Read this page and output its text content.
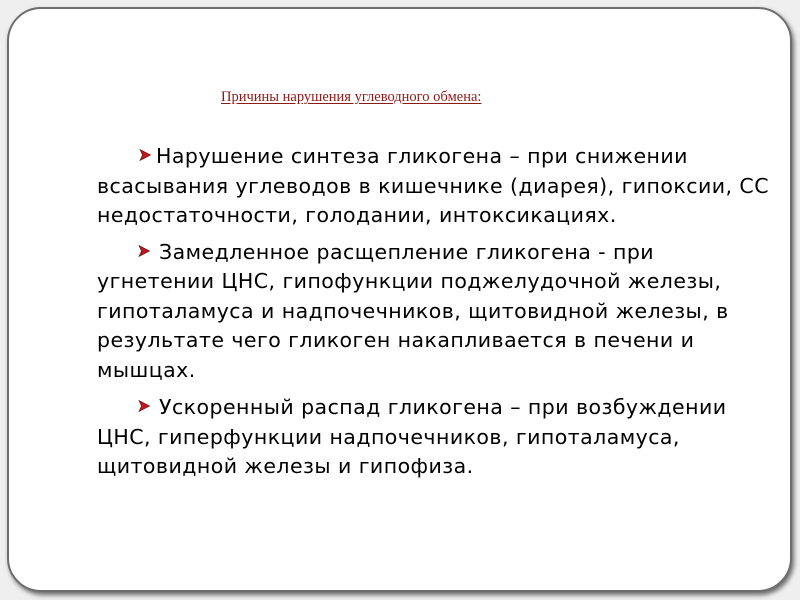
Причины нарушения углеводного обмена:

Нарушение синтеза гликогена – при снижении всасывания углеводов в кишечнике (диарея), гипоксии, СС недостаточности, голодании, интоксикациях.

Замедленное расщепление гликогена - при угнетении ЦНС, гипофункции поджелудочной железы, гипоталамуса и надпочечников, щитовидной железы, в результате чего гликоген накапливается в печени и мышцах.

Ускоренный распад гликогена – при возбуждении ЦНС, гиперфункции надпочечников, гипоталамуса, щитовидной железы и гипофиза.
